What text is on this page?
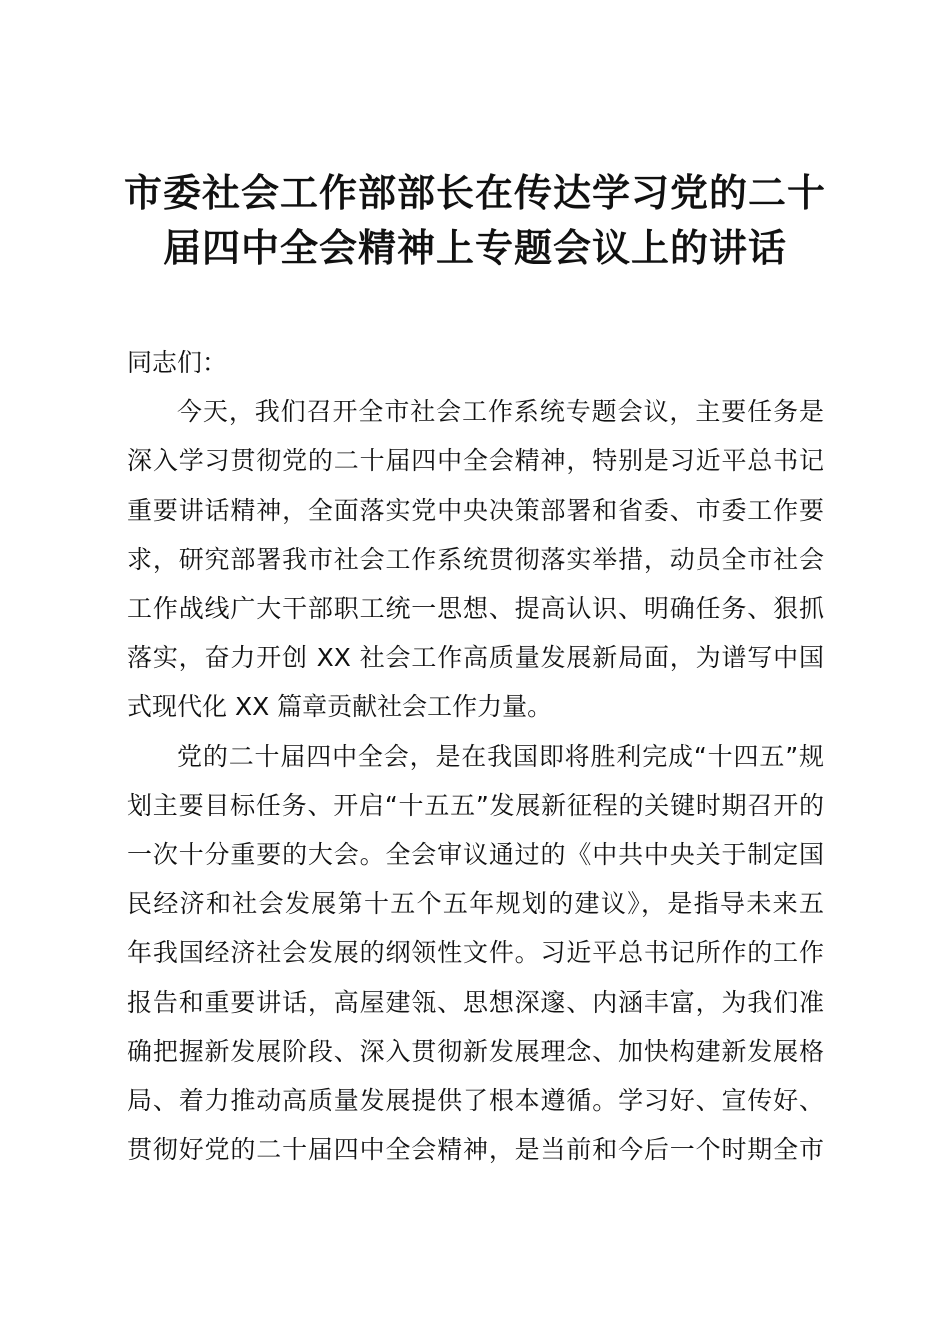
市委社会工作部部长在传达学习党的二十
届四中全会精神上专题会议上的讲话

同志们：

今天，我们召开全市社会工作系统专题会议，主要任务是
深入学习贯彻党的二十届四中全会精神，特别是习近平总书记
重要讲话精神，全面落实党中央决策部署和省委、市委工作要
求，研究部署我市社会工作系统贯彻落实举措，动员全市社会
工作战线广大干部职工统一思想、提高认识、明确任务、狠抓
落实，奋力开创 XX 社会工作高质量发展新局面，为谱写中国
式现代化 XX 篇章贡献社会工作力量。

党的二十届四中全会，是在我国即将胜利完成“十四五”规
划主要目标任务、开启“十五五”发展新征程的关键时期召开的
一次十分重要的大会。全会审议通过的《中共中央关于制定国
民经济和社会发展第十五个五年规划的建议》，是指导未来五
年我国经济社会发展的纲领性文件。习近平总书记所作的工作
报告和重要讲话，高屋建瓴、思想深邃、内涵丰富，为我们准
确把握新发展阶段、深入贯彻新发展理念、加快构建新发展格
局、着力推动高质量发展提供了根本遵循。学习好、宣传好、
贯彻好党的二十届四中全会精神，是当前和今后一个时期全市
